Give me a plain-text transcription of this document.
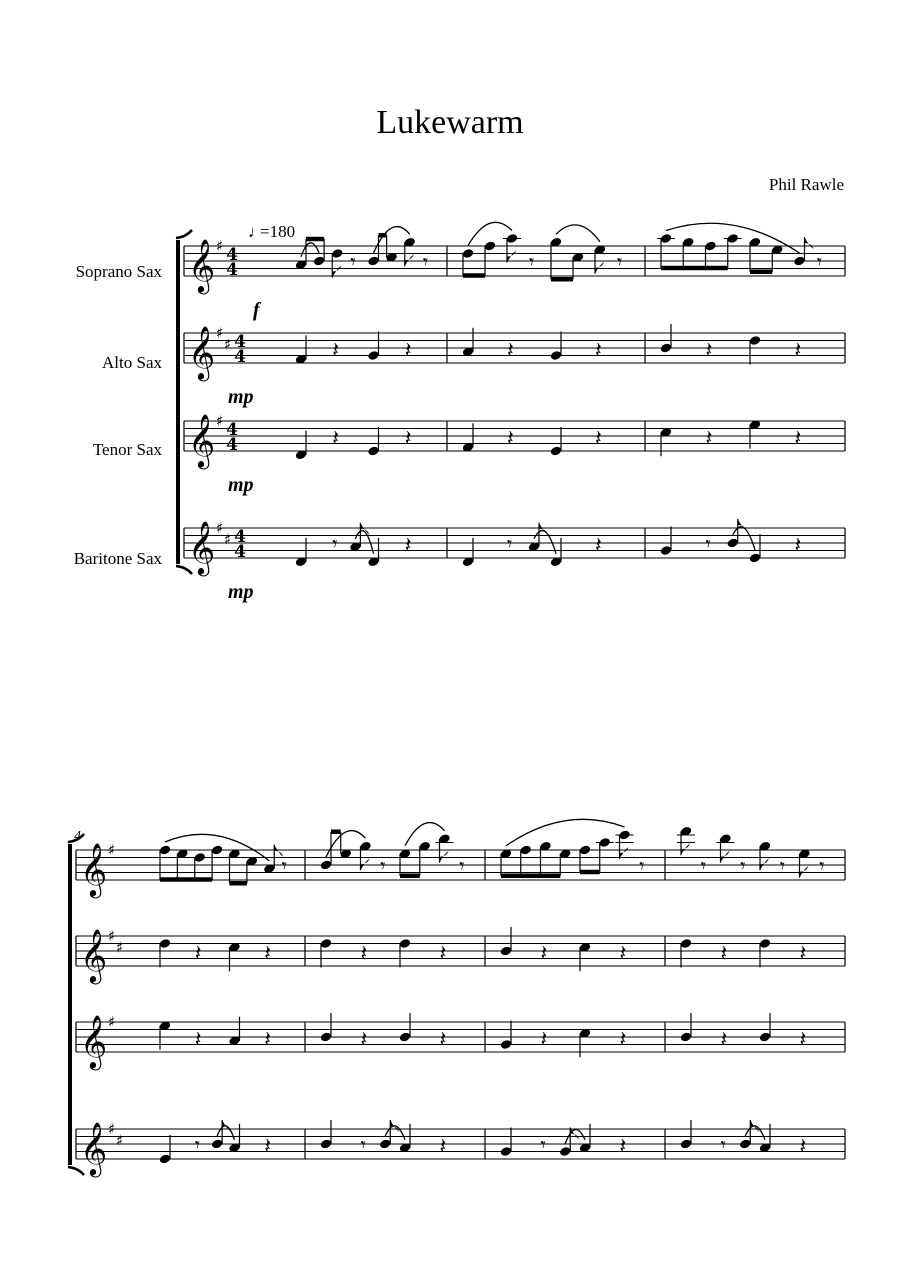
Lukewarm
Phil Rawle
♩
=180
Soprano Sax
Alto Sax
Tenor Sax
Baritone Sax
f
mp
mp
mp
4
𝄞 ♯ 4
4	𝄾	𝄾	𝄾	𝄾	𝄾
𝄞 ♯
♯ 4
4	𝄽	𝄽	𝄽	𝄽	𝄽	𝄽
𝄞 ♯ 4
4	𝄽	𝄽	𝄽	𝄽	𝄽	𝄽
𝄞 ♯
♯ 4
4	𝄾	𝄽	𝄾	𝄽	𝄾	𝄽
𝄞 ♯
𝄾	𝄾	𝄾	𝄾	𝄾 𝄾 𝄾 𝄾
𝄞 ♯
♯	𝄽	𝄽	𝄽	𝄽	𝄽	𝄽	𝄽	𝄽
𝄞 ♯
𝄽	𝄽	𝄽	𝄽	𝄽	𝄽	𝄽	𝄽
𝄞 ♯
♯	𝄾	𝄽	𝄾	𝄽	𝄾	𝄽	𝄾	𝄽
